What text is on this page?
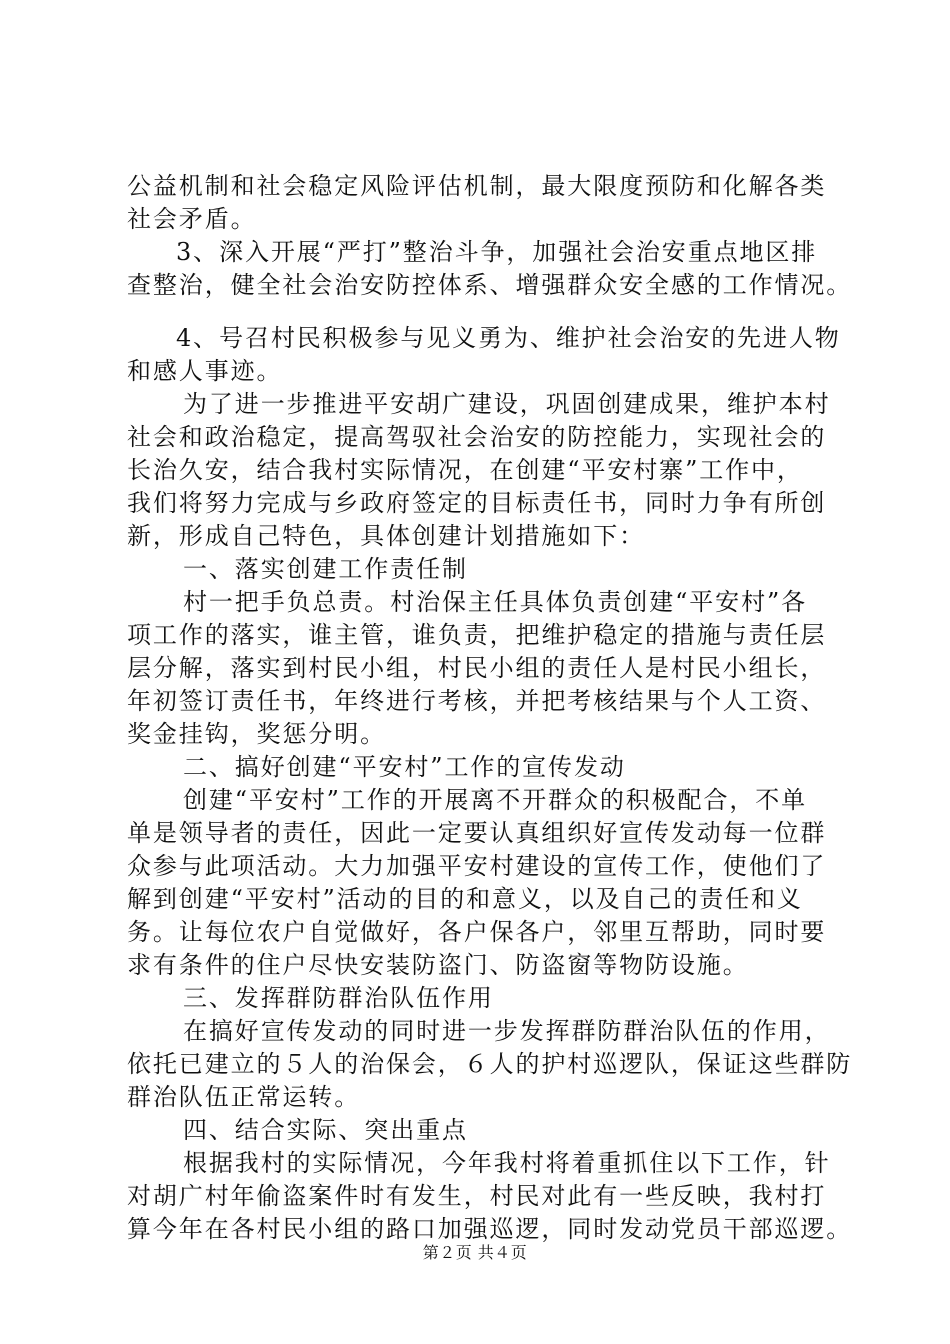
公益机制和社会稳定风险评估机制，最大限度预防和化解各类
社会矛盾。
3、深入开展“严打”整治斗争，加强社会治安重点地区排
查整治，健全社会治安防控体系、增强群众安全感的工作情况。
4、号召村民积极参与见义勇为、维护社会治安的先进人物
和感人事迹。
为了进一步推进平安胡广建设，巩固创建成果，维护本村
社会和政治稳定，提高驾驭社会治安的防控能力，实现社会的
长治久安，结合我村实际情况，在创建“平安村寨”工作中，
我们将努力完成与乡政府签定的目标责任书，同时力争有所创
新，形成自己特色，具体创建计划措施如下：
一、落实创建工作责任制
村一把手负总责。村治保主任具体负责创建“平安村”各
项工作的落实，谁主管，谁负责，把维护稳定的措施与责任层
层分解，落实到村民小组，村民小组的责任人是村民小组长，
年初签订责任书，年终进行考核，并把考核结果与个人工资、
奖金挂钩，奖惩分明。
二、搞好创建“平安村”工作的宣传发动
创建“平安村”工作的开展离不开群众的积极配合，不单
单是领导者的责任，因此一定要认真组织好宣传发动每一位群
众参与此项活动。大力加强平安村建设的宣传工作，使他们了
解到创建“平安村”活动的目的和意义，以及自己的责任和义
务。让每位农户自觉做好，各户保各户，邻里互帮助，同时要
求有条件的住户尽快安装防盗门、防盗窗等物防设施。
三、发挥群防群治队伍作用
在搞好宣传发动的同时进一步发挥群防群治队伍的作用，
依托已建立的５人的治保会，６人的护村巡逻队，保证这些群防
群治队伍正常运转。
四、结合实际、突出重点
根据我村的实际情况，今年我村将着重抓住以下工作，针
对胡广村年偷盗案件时有发生，村民对此有一些反映，我村打
算今年在各村民小组的路口加强巡逻，同时发动党员干部巡逻。
第２页 共４页
